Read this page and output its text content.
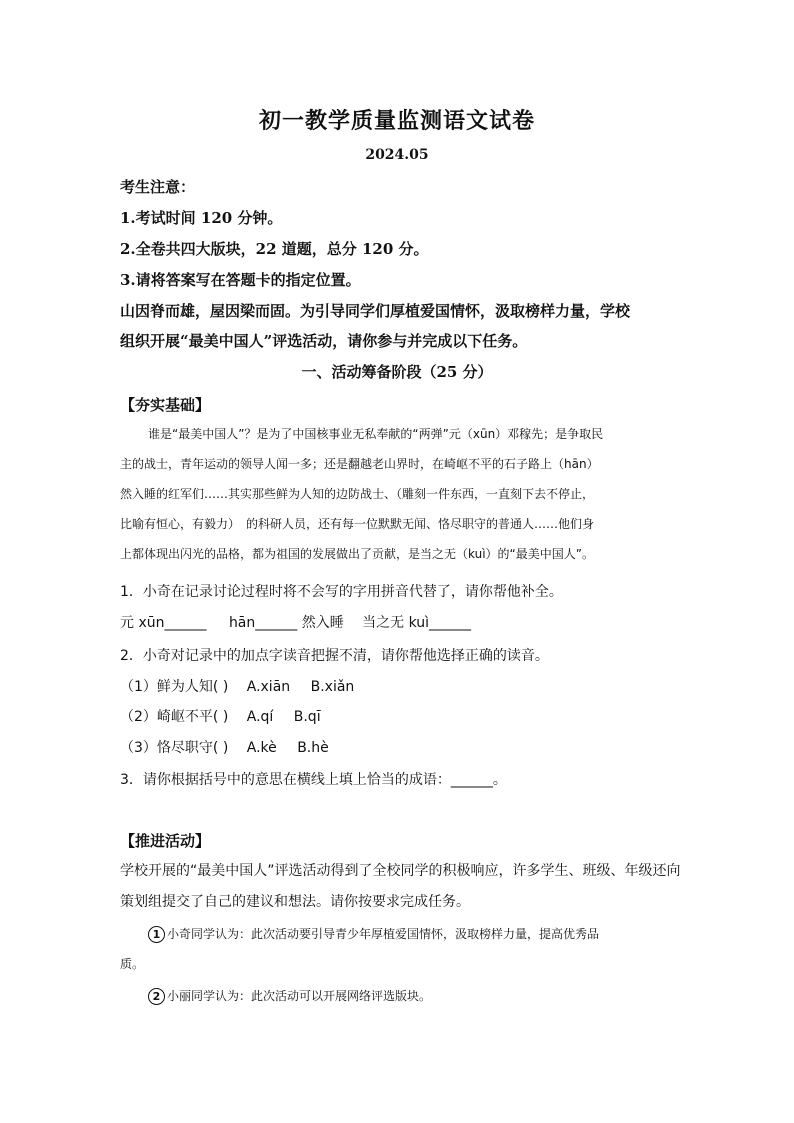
初一教学质量监测语文试卷
2024.05
考生注意：
1.考试时间 120 分钟。
2.全卷共四大版块，22 道题，总分 120 分。
3.请将答案写在答题卡的指定位置。
山因脊而雄，屋因梁而固。为引导同学们厚植爱国情怀，汲取榜样力量，学校
组织开展“最美中国人”评选活动，请你参与并完成以下任务。
一、活动筹备阶段（25 分）
【夯实基础】
谁是“最美中国人”？是为了中国核事业无私奉献的“两弹”元（xūn）邓稼先；是争取民
主的战士，青年运动的领导人闻一多；还是翻越老山界时，在崎岖不平的石子路上（hān）
然入睡的红军们……其实那些鲜为人知的边防战士、（雕刻一件东西，一直刻下去不停止，
比喻有恒心，有毅力）　的科研人员，还有每一位默默无闻、恪尽职守的普通人……他们身
上都体现出闪光的品格，都为祖国的发展做出了贡献，是当之无（kuì）的“最美中国人”。
1．小奇在记录讨论过程时将不会写的字用拼音代替了，请你帮他补全。
元 xūn______ hān______ 然入睡 当之无 kuì______
2．小奇对记录中的加点字读音把握不清，请你帮他选择正确的读音。
（1）鲜为人知( ) A.xiān B.xiǎn
（2）崎岖不平( ) A.qí B.qī
（3）恪尽职守( ) A.kè B.hè
3．请你根据括号中的意思在横线上填上恰当的成语：______。
【推进活动】
学校开展的“最美中国人”评选活动得到了全校同学的积极响应，许多学生、班级、年级还向
策划组提交了自己的建议和想法。请你按要求完成任务。
1 小奇同学认为：此次活动要引导青少年厚植爱国情怀，汲取榜样力量，提高优秀品
质。
2 小丽同学认为：此次活动可以开展网络评选版块。
